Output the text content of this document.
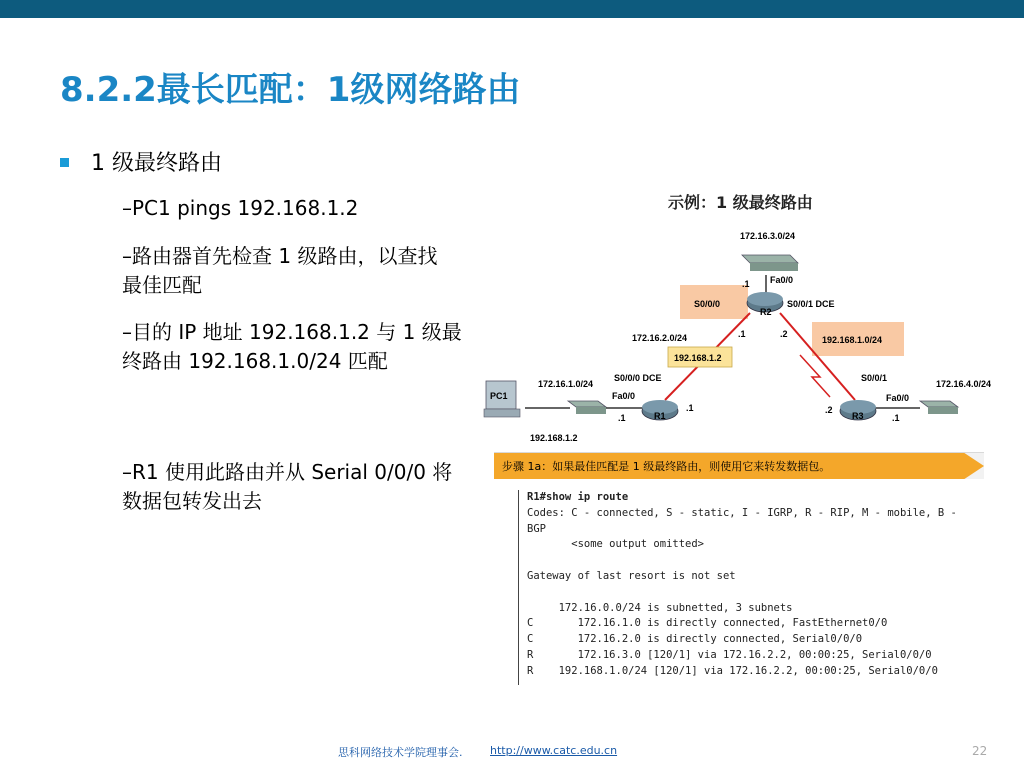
8.2.2最长匹配：1级网络路由
1 级最终路由
–PC1 pings 192.168.1.2
–路由器首先检查 1 级路由，以查找最佳匹配
–目的 IP 地址 192.168.1.2 与 1 级最终路由 192.168.1.0/24 匹配
–R1 使用此路由并从 Serial 0/0/0 将数据包转发出去
示例：1 级最终路由
PC1
172.16.3.0/24
Fa0/0
.1
S0/0/0	S0/0/1 DCE
R2
172.16.2.0/24	.1	.2
192.168.1.0/24
192.168.1.2
172.16.1.0/24
S0/0/0 DCE
Fa0/0
R1
.1
.1
192.168.1.2
S0/0/1
Fa0/0
R3
.2
.1
172.16.4.0/24
步骤 1a：如果最佳匹配是 1 级最终路由，则使用它来转发数据包。
R1#show ip route
Codes: C - connected, S - static, I - IGRP, R - RIP, M - mobile, B -
BGP
<some output omitted>

Gateway of last resort is not set

172.16.0.0/24 is subnetted, 3 subnets
C       172.16.1.0 is directly connected, FastEthernet0/0
C       172.16.2.0 is directly connected, Serial0/0/0
R       172.16.3.0 [120/1] via 172.16.2.2, 00:00:25, Serial0/0/0
R    192.168.1.0/24 [120/1] via 172.16.2.2, 00:00:25, Serial0/0/0
思科网络技术学院理事会.	http://www.catc.edu.cn	22
